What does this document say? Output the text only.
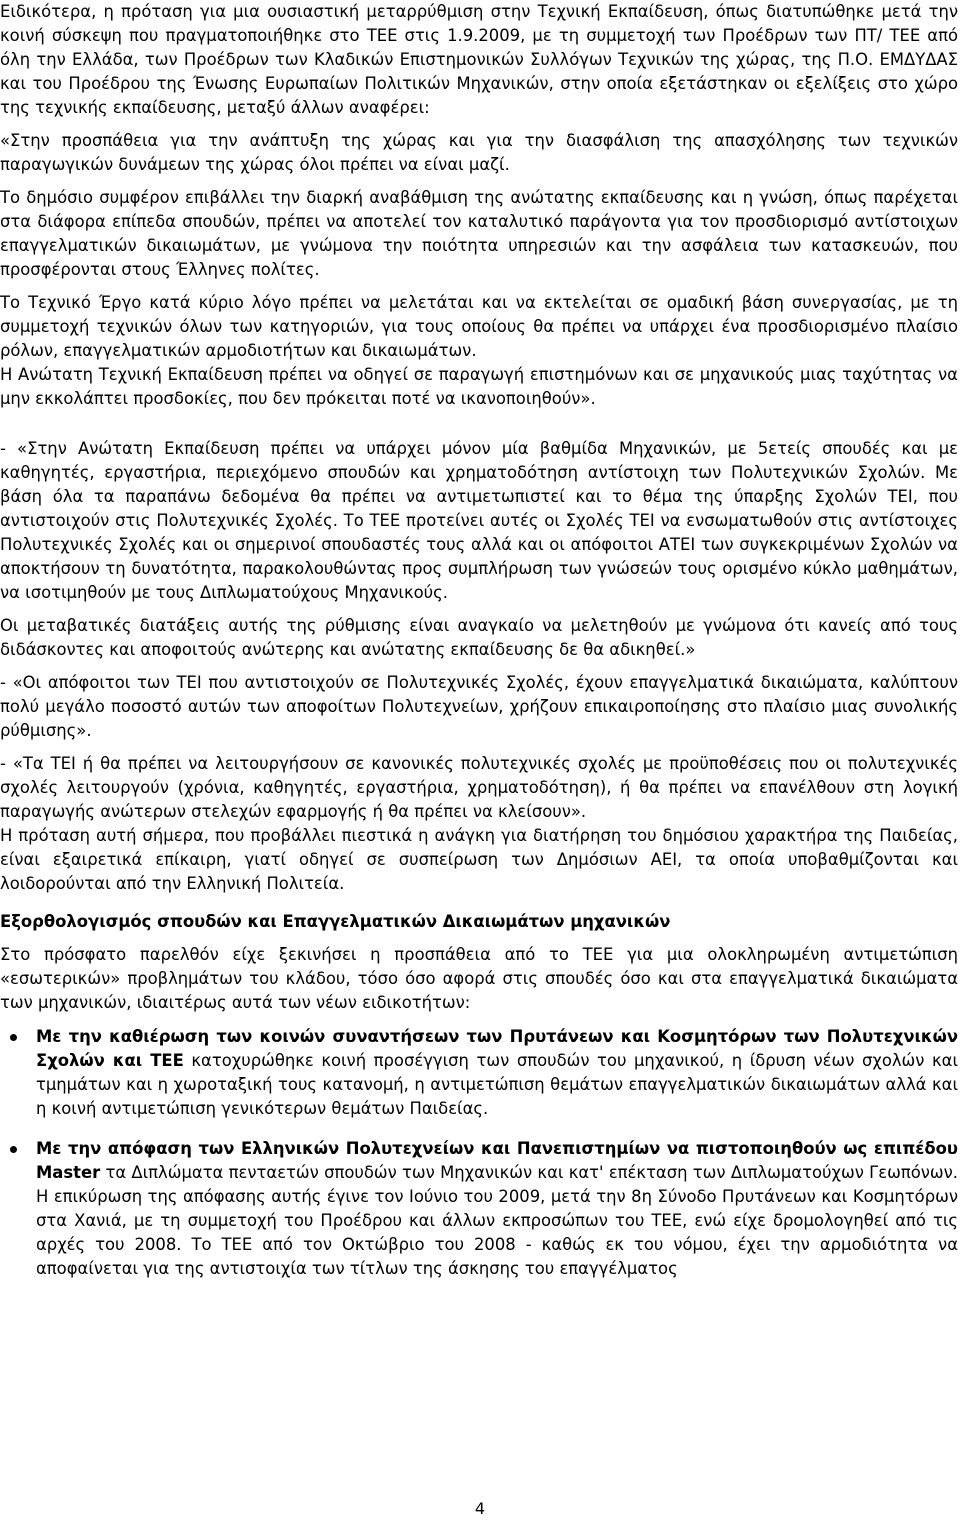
Ειδικότερα, η πρόταση για μια ουσιαστική μεταρρύθμιση στην Τεχνική Εκπαίδευση, όπως διατυπώθηκε μετά την κοινή σύσκεψη που πραγματοποιήθηκε στο ΤΕΕ στις 1.9.2009, με τη συμμετοχή των Προέδρων των ΠΤ/ ΤΕΕ από όλη την Ελλάδα, των Προέδρων των Κλαδικών Επιστημονικών Συλλόγων Τεχνικών της χώρας, της Π.Ο. ΕΜΔΥΔΑΣ και του Προέδρου της Ένωσης Ευρωπαίων Πολιτικών Μηχανικών, στην οποία εξετάστηκαν οι εξελίξεις στο χώρο της τεχνικής εκπαίδευσης, μεταξύ άλλων αναφέρει:

«Στην προσπάθεια για την ανάπτυξη της χώρας και για την διασφάλιση της απασχόλησης των τεχνικών παραγωγικών δυνάμεων της χώρας όλοι πρέπει να είναι μαζί.

Το δημόσιο συμφέρον επιβάλλει την διαρκή αναβάθμιση της ανώτατης εκπαίδευσης και η γνώση, όπως παρέχεται στα διάφορα επίπεδα σπουδών, πρέπει να αποτελεί τον καταλυτικό παράγοντα για τον προσδιορισμό αντίστοιχων επαγγελματικών δικαιωμάτων, με γνώμονα την ποιότητα υπηρεσιών και την ασφάλεια των κατασκευών, που προσφέρονται στους Έλληνες πολίτες.

Το Τεχνικό Έργο κατά κύριο λόγο πρέπει να μελετάται και να εκτελείται σε ομαδική βάση συνεργασίας, με τη συμμετοχή τεχνικών όλων των κατηγοριών, για τους οποίους θα πρέπει να υπάρχει ένα προσδιορισμένο πλαίσιο ρόλων, επαγγελματικών αρμοδιοτήτων και δικαιωμάτων.

Η Ανώτατη Τεχνική Εκπαίδευση πρέπει να οδηγεί σε παραγωγή επιστημόνων και σε μηχανικούς μιας ταχύτητας να μην εκκολάπτει προσδοκίες, που δεν πρόκειται ποτέ να ικανοποιηθούν».

- «Στην Ανώτατη Εκπαίδευση πρέπει να υπάρχει μόνον μία βαθμίδα Μηχανικών, με 5ετείς σπουδές και με καθηγητές, εργαστήρια, περιεχόμενο σπουδών και χρηματοδότηση αντίστοιχη των Πολυτεχνικών Σχολών. Με βάση όλα τα παραπάνω δεδομένα θα πρέπει να αντιμετωπιστεί και το θέμα της ύπαρξης Σχολών ΤΕΙ, που αντιστοιχούν στις Πολυτεχνικές Σχολές. Το ΤΕΕ προτείνει αυτές οι Σχολές ΤΕΙ να ενσωματωθούν στις αντίστοιχες Πολυτεχνικές Σχολές και οι σημερινοί σπουδαστές τους αλλά και οι απόφοιτοι ΑΤΕΙ των συγκεκριμένων Σχολών να αποκτήσουν τη δυνατότητα, παρακολουθώντας προς συμπλήρωση των γνώσεών τους ορισμένο κύκλο μαθημάτων, να ισοτιμηθούν με τους Διπλωματούχους Μηχανικούς.

Οι μεταβατικές διατάξεις αυτής της ρύθμισης είναι αναγκαίο να μελετηθούν με γνώμονα ότι κανείς από τους διδάσκοντες και αποφοιτούς ανώτερης και ανώτατης εκπαίδευσης δε θα αδικηθεί.»

- «Οι απόφοιτοι των ΤΕΙ που αντιστοιχούν σε Πολυτεχνικές Σχολές, έχουν επαγγελματικά δικαιώματα, καλύπτουν πολύ μεγάλο ποσοστό αυτών των αποφοίτων Πολυτεχνείων, χρήζουν επικαιροποίησης στο πλαίσιο μιας συνολικής ρύθμισης».

- «Τα ΤΕΙ ή θα πρέπει να λειτουργήσουν σε κανονικές πολυτεχνικές σχολές με προϋποθέσεις που οι πολυτεχνικές σχολές λειτουργούν (χρόνια, καθηγητές, εργαστήρια, χρηματοδότηση), ή θα πρέπει να επανέλθουν στη λογική παραγωγής ανώτερων στελεχών εφαρμογής ή θα πρέπει να κλείσουν».

Η πρόταση αυτή σήμερα, που προβάλλει πιεστικά η ανάγκη για διατήρηση του δημόσιου χαρακτήρα της Παιδείας, είναι εξαιρετικά επίκαιρη, γιατί οδηγεί σε συσπείρωση των Δημόσιων ΑΕΙ, τα οποία υποβαθμίζονται και λοιδορούνται από την Ελληνική Πολιτεία.

Εξορθολογισμός σπουδών και Επαγγελματικών Δικαιωμάτων μηχανικών

Στο πρόσφατο παρελθόν είχε ξεκινήσει η προσπάθεια από το ΤΕΕ για μια ολοκληρωμένη αντιμετώπιση «εσωτερικών» προβλημάτων του κλάδου, τόσο όσο αφορά στις σπουδές όσο και στα επαγγελματικά δικαιώματα των μηχανικών, ιδιαιτέρως αυτά των νέων ειδικοτήτων:

Με την καθιέρωση των κοινών συναντήσεων των Πρυτάνεων και Κοσμητόρων των Πολυτεχνικών Σχολών και ΤΕΕ κατοχυρώθηκε κοινή προσέγγιση των σπουδών του μηχανικού, η ίδρυση νέων σχολών και τμημάτων και η χωροταξική τους κατανομή, η αντιμετώπιση θεμάτων επαγγελματικών δικαιωμάτων αλλά και η κοινή αντιμετώπιση γενικότερων θεμάτων Παιδείας.
Με την απόφαση των Ελληνικών Πολυτεχνείων και Πανεπιστημίων να πιστοποιηθούν ως επιπέδου Master τα Διπλώματα πενταετών σπουδών των Μηχανικών και κατ' επέκταση των Διπλωματούχων Γεωπόνων. Η επικύρωση της απόφασης αυτής έγινε τον Ιούνιο του 2009, μετά την 8η Σύνοδο Πρυτάνεων και Κοσμητόρων στα Χανιά, με τη συμμετοχή του Προέδρου και άλλων εκπροσώπων του ΤΕΕ, ενώ είχε δρομολογηθεί από τις αρχές του 2008. Το ΤΕΕ από τον Οκτώβριο του 2008 - καθώς εκ του νόμου, έχει την αρμοδιότητα να αποφαίνεται για της αντιστοιχία των τίτλων της άσκησης του επαγγέλματος
4
